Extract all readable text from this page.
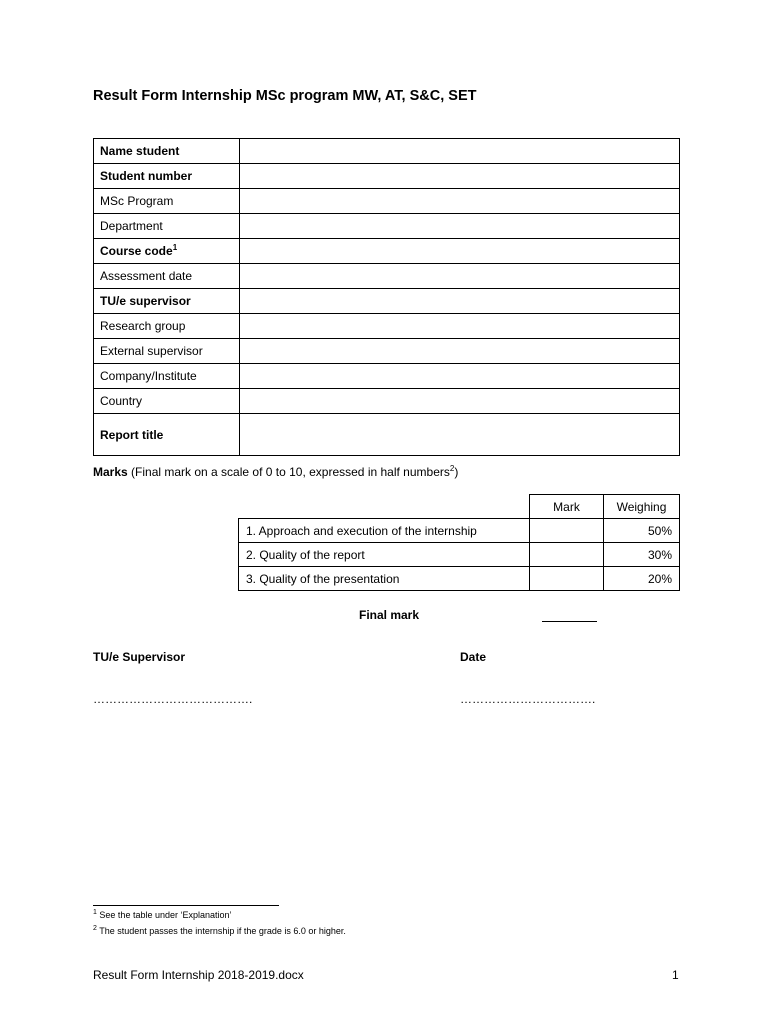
Result Form Internship MSc program MW, AT, S&C, SET
Name student	
Student number	
MSc Program	
Department	
Course code$^1$	
Assessment date	
TU/e supervisor	
Research group	
External supervisor	
Company/Institute	
Country	
Report title	
Marks (Final mark on a scale of 0 to 10, expressed in half numbers$^2$)
	Mark	Weighing
1. Approach and execution of the internship		50%
2. Quality of the report		30%
3. Quality of the presentation		20%
Final mark
TU/e Supervisor	Date
………………………………….	…………………………….
$^1$ See the table under ‘Explanation’
$^2$ The student passes the internship if the grade is 6.0 or higher.
Result Form Internship 2018-2019.docx	1
